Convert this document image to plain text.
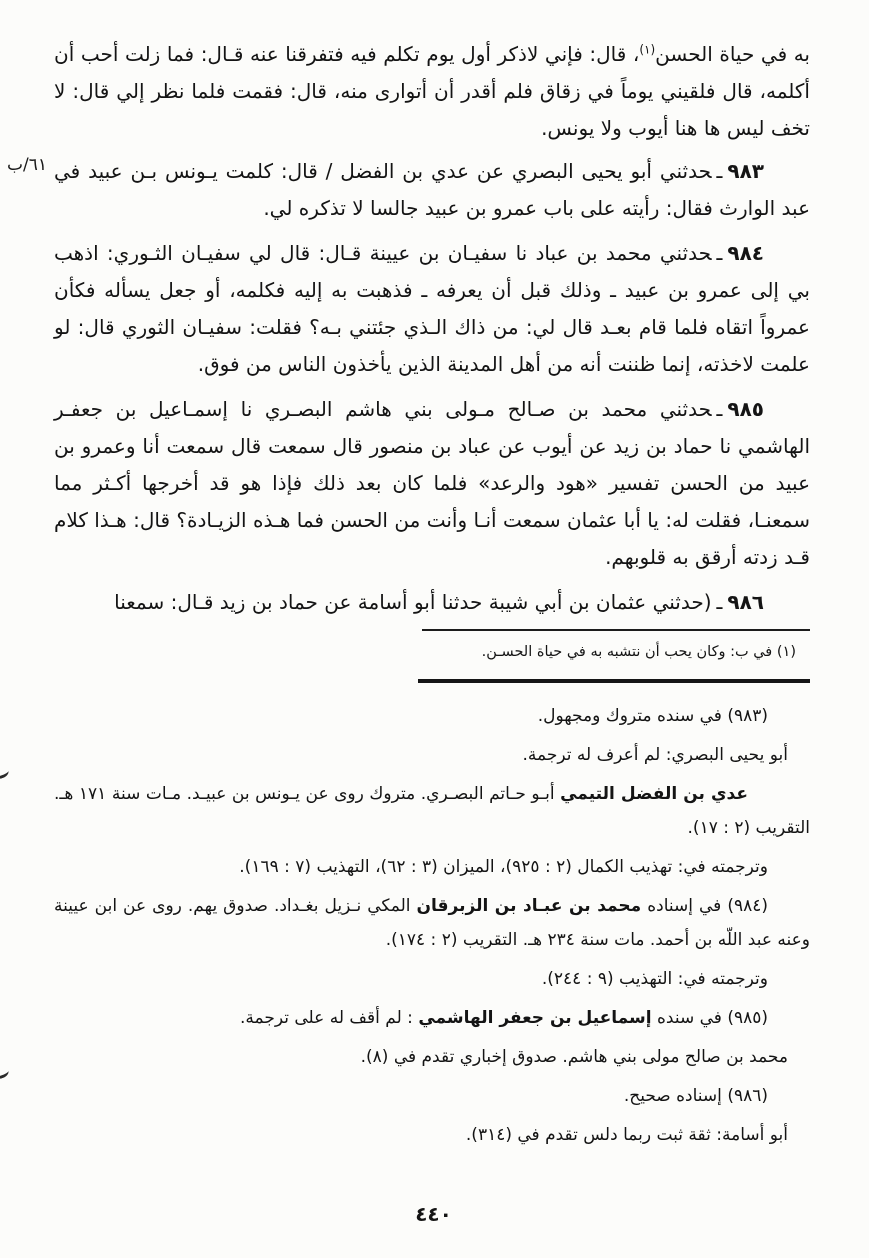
به في حياة الحسن$^{(١)}$، قال: فإني لاذكر أول يوم تكلم فيه فتفرقنا عنه قـال: فما زلت أحب أن أكلمه، قال فلقيني يوماً في زقاق فلم أقدر أن أتوارى منه، قال: فقمت فلما نظر إلي قال: لا تخف ليس ها هنا أيوب ولا يونس.

٩٨٣ـحدثني أبو يحيى البصري عن عدي بن الفضل / قال: كلمت يـونس بـن عبيد في عبد الوارث فقال: رأيته على باب عمرو بن عبيد جالسا لا تذكره لي.

٩٨٤ـحدثني محمد بن عباد نا سفيـان بن عيينة قـال: قال لي سفيـان الثـوري: اذهب بي إلى عمرو بن عبيد ـ وذلك قبل أن يعرفه ـ فذهبت به إليه فكلمه، أو جعل يسأله فكأن عمرواً اتقاه فلما قام بعـد قال لي: من ذاك الـذي جئتني بـه؟ فقلت: سفيـان الثوري قال: لو علمت لاخذته، إنما ظننت أنه من أهل المدينة الذين يأخذون الناس من فوق.

٩٨٥ـحدثني محمد بن صـالح مـولى بني هاشم البصـري نا إسمـاعيل بن جعفـر الهاشمي نا حماد بن زيد عن أيوب عن عباد بن منصور قال سمعت قال سمعت أنا وعمرو بن عبيد من الحسن تفسير «هود والرعد» فلما كان بعد ذلك فإذا هو قد أخرجها أكـثر مما سمعنـا، فقلت له: يا أبا عثمان سمعت أنـا وأنت من الحسن فما هـذه الزيـادة؟ قال: هـذا كلام قـد زدته أرقق به قلوبهم.

٩٨٦ـ(حدثني عثمان بن أبي شيبة حدثنا أبو أسامة عن حماد بن زيد قـال: سمعنا

(١) في ب: وكان يحب أن نتشبه به في حياة الحسـن.

(٩٨٣) في سنده متروك ومجهول.

أبو يحيى البصري: لم أعرف له ترجمة.

عدي بن الفضل التيمي أبـو حـاتم البصـري. متروك روى عن يـونس بن عبيـد. مـات سنة ١٧١ هـ. التقريب (٢ : ١٧).

وترجمته في: تهذيب الكمال (٢ : ٩٢٥)، الميزان (٣ : ٦٢)، التهذيب (٧ : ١٦٩).

(٩٨٤) في إسناده محمد بن عبـاد بن الزبرقان المكي نـزيل بغـداد. صدوق يهم. روى عن ابن عيينة وعنه عبد اللّه بن أحمد. مات سنة ٢٣٤ هـ. التقريب (٢ : ١٧٤).

وترجمته في: التهذيب (٩ : ٢٤٤).

(٩٨٥) في سنده إسماعيل بن جعفر الهاشمي : لم أقف له على ترجمة.

محمد بن صالح مولى بني هاشم. صدوق إخباري تقدم في (٨).

(٩٨٦) إسناده صحيح.

أبو أسامة: ثقة ثبت ربما دلس تقدم في (٣١٤).

٦١/ب
٤٤٠
